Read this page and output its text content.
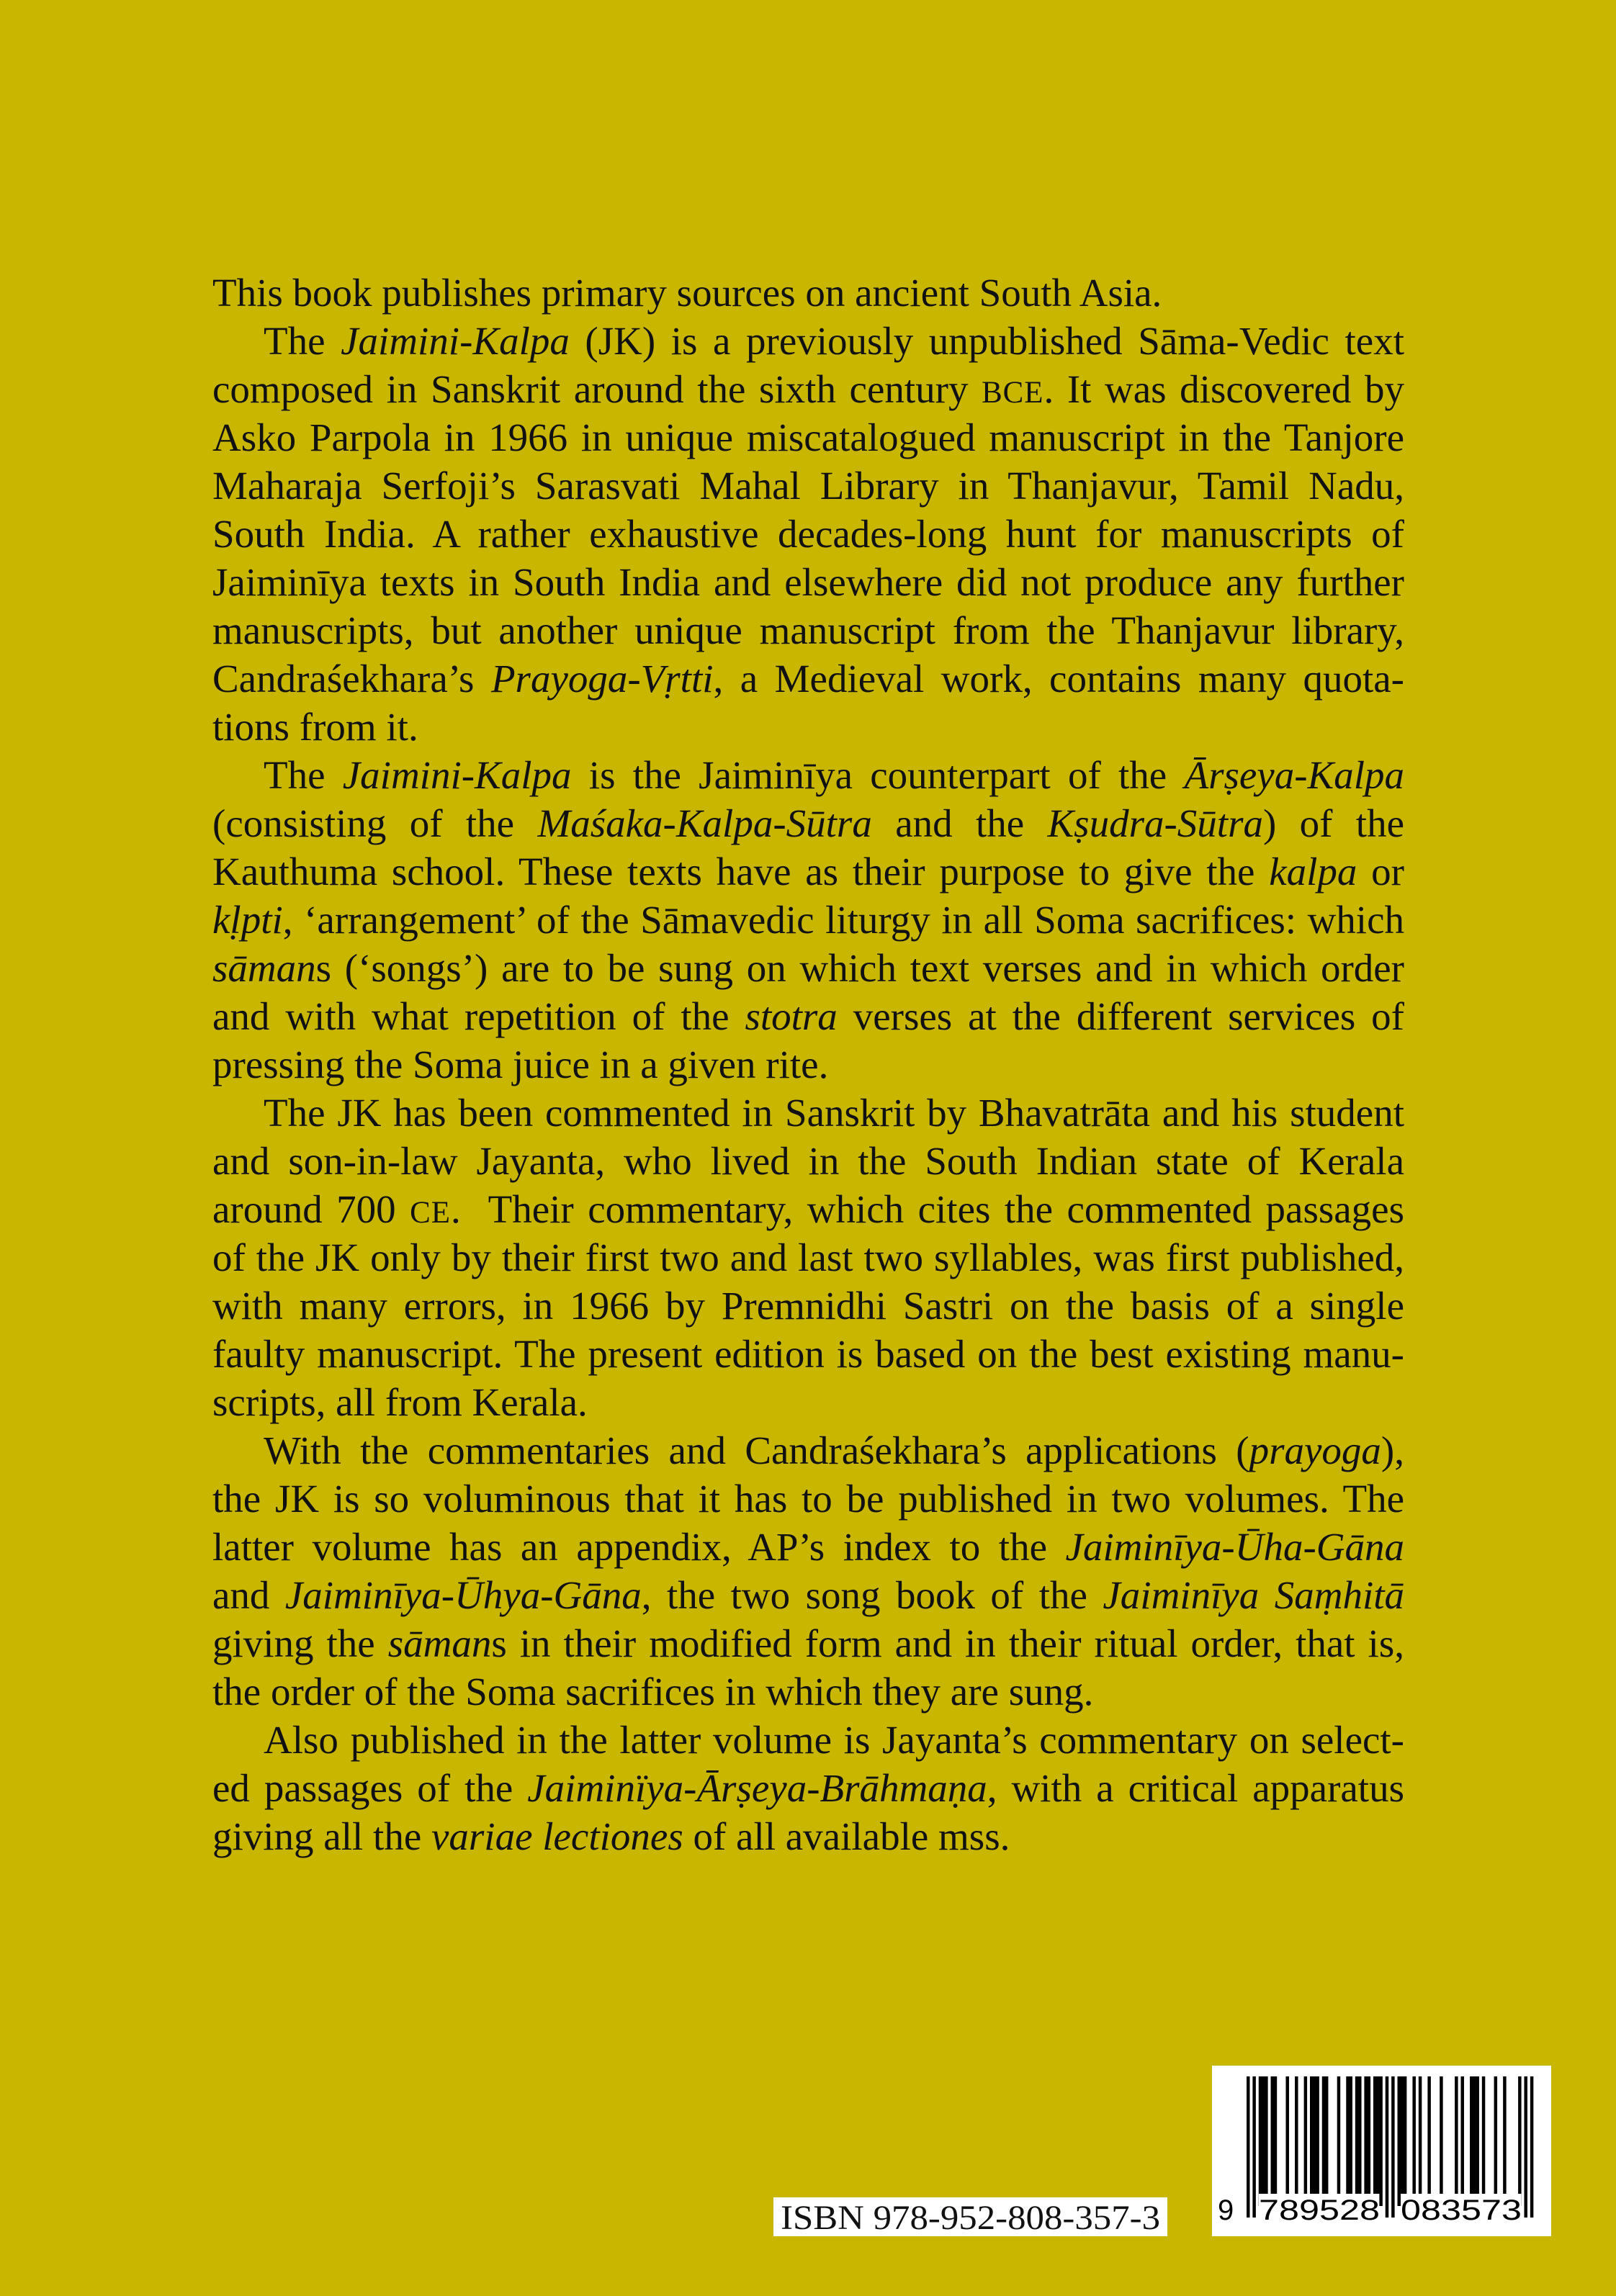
This book publishes primary sources on ancient South Asia.
The Jaimini-Kalpa (JK) is a previously unpublished Sāma-Vedic text
composed in Sanskrit around the sixth century BCE. It was discovered by
Asko Parpola in 1966 in unique miscatalogued manuscript in the Tanjore
Maharaja Serfoji’s Sarasvati Mahal Library in Thanjavur, Tamil Nadu,
South India. A rather exhaustive decades-long hunt for manuscripts of
Jaiminīya texts in South India and elsewhere did not produce any further
manuscripts, but another unique manuscript from the Thanjavur library,
Candraśekhara’s Prayoga-Vṛtti, a Medieval work, contains many quota-
tions from it.
The Jaimini-Kalpa is the Jaiminīya counterpart of the Ārṣeya-Kalpa
(consisting of the Maśaka-Kalpa-Sūtra and the Kṣudra-Sūtra) of the
Kauthuma school. These texts have as their purpose to give the kalpa or
kḷpti, ‘arrangement’ of the Sāmavedic liturgy in all Soma sacrifices: which
sāmans (‘songs’) are to be sung on which text verses and in which order
and with what repetition of the stotra verses at the different services of
pressing the Soma juice in a given rite.
The JK has been commented in Sanskrit by Bhavatrāta and his student
and son-in-law Jayanta, who lived in the South Indian state of Kerala
around 700 CE.  Their commentary, which cites the commented passages
of the JK only by their first two and last two syllables, was first published,
with many errors, in 1966 by Premnidhi Sastri on the basis of a single
faulty manuscript. The present edition is based on the best existing manu-
scripts, all from Kerala.
With the commentaries and Candraśekhara’s applications (prayoga),
the JK is so voluminous that it has to be published in two volumes. The
latter volume has an appendix, AP’s index to the Jaiminīya-Ūha-Gāna
and Jaiminīya-Ūhya-Gāna, the two song book of the Jaiminīya Saṃhitā
giving the sāmans in their modified form and in their ritual order, that is,
the order of the Soma sacrifices in which they are sung.
Also published in the latter volume is Jayanta’s commentary on select-
ed passages of the Jaiminïya-Ārṣeya-Brāhmaṇa, with a critical apparatus
giving all the variae lectiones of all available mss.
ISBN 978-952-808-357-3 9 789528 083573
